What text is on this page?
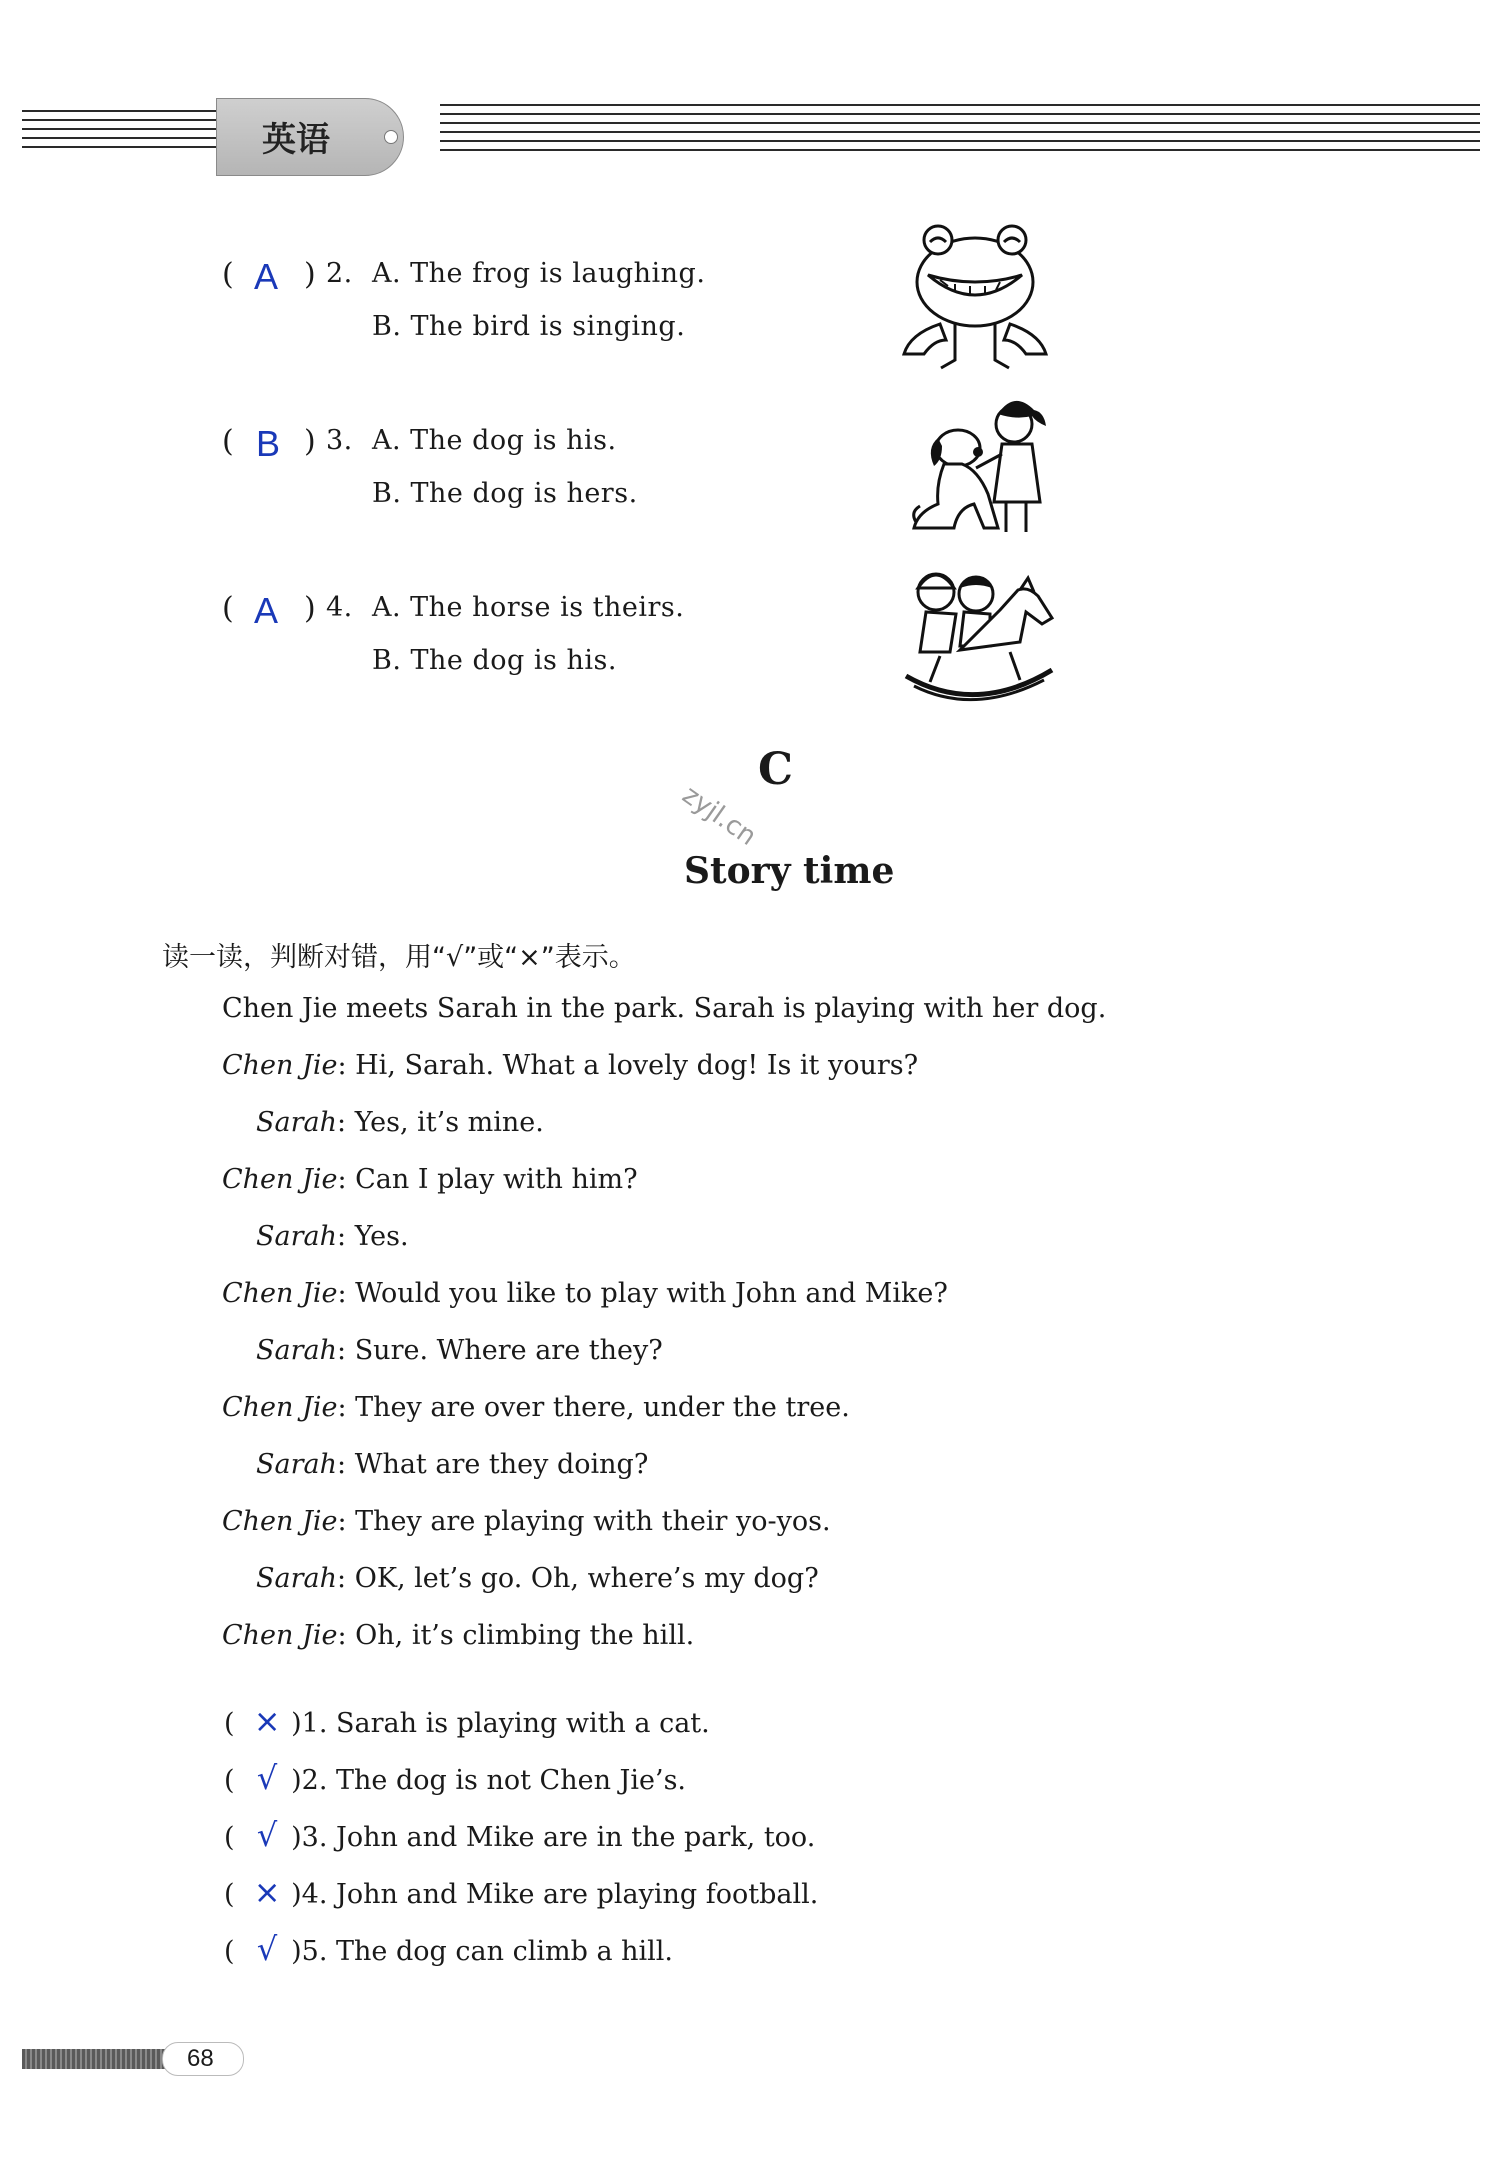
英语
( A ) 2. A. The frog is laughing.
B. The bird is singing.
( B ) 3. A. The dog is his.
B. The dog is hers.
( A ) 4. A. The horse is theirs.
B. The dog is his.
C
zyjl.cn
Story time
读一读，判断对错，用“√”或“×”表示。
Chen Jie meets Sarah in the park. Sarah is playing with her dog.
Chen Jie: Hi, Sarah. What a lovely dog! Is it yours?
Sarah: Yes, it’s mine.
Chen Jie: Can I play with him?
Sarah: Yes.
Chen Jie: Would you like to play with John and Mike?
Sarah: Sure. Where are they?
Chen Jie: They are over there, under the tree.
Sarah: What are they doing?
Chen Jie: They are playing with their yo-yos.
Sarah: OK, let’s go. Oh, where’s my dog?
Chen Jie: Oh, it’s climbing the hill.
( × )1. Sarah is playing with a cat.
( √ )2. The dog is not Chen Jie’s.
( √ )3. John and Mike are in the park, too.
( × )4. John and Mike are playing football.
( √ )5. The dog can climb a hill.
68
